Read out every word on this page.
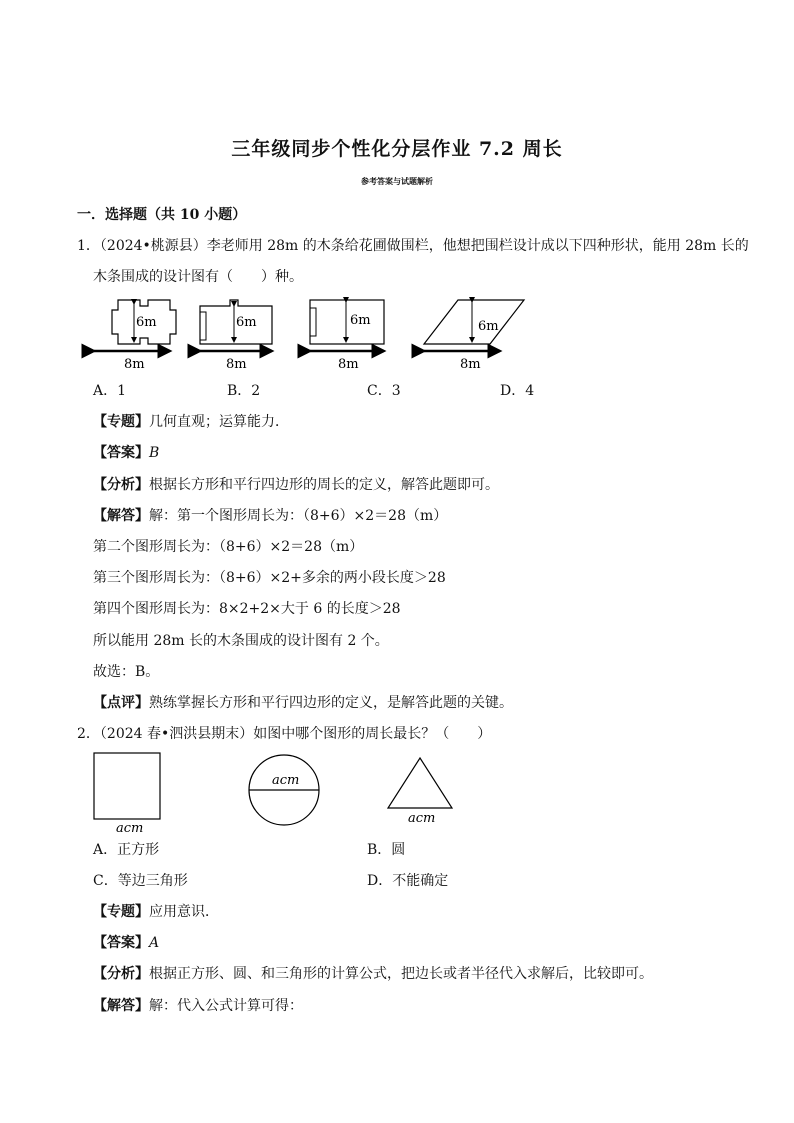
三年级同步个性化分层作业 7.2 周长
参考答案与试题解析
一．选择题（共 10 小题）
1．（2024•桃源县）李老师用 28m 的木条给花圃做围栏，他想把围栏设计成以下四种形状，能用 28m 长的
木条围成的设计图有（　　）种。
6m
8m
6m
8m
6m
8m
6m
8m
A．1	B．2	C．3	D．4
【专题】几何直观；运算能力．
【答案】B
【分析】根据长方形和平行四边形的周长的定义，解答此题即可。
【解答】解：第一个图形周长为：（8+6）×2＝28（m）
第二个图形周长为：（8+6）×2＝28（m）
第三个图形周长为：（8+6）×2+多余的两小段长度＞28
第四个图形周长为：8×2+2×大于 6 的长度＞28
所以能用 28m 长的木条围成的设计图有 2 个。
故选：B。
【点评】熟练掌握长方形和平行四边形的定义，是解答此题的关键。
2．（2024 春•泗洪县期末）如图中哪个图形的周长最长？（　　）
acm
acm
acm
A．正方形	B．圆
C．等边三角形	D．不能确定
【专题】应用意识．
【答案】A
【分析】根据正方形、圆、和三角形的计算公式，把边长或者半径代入求解后，比较即可。
【解答】解：代入公式计算可得：
